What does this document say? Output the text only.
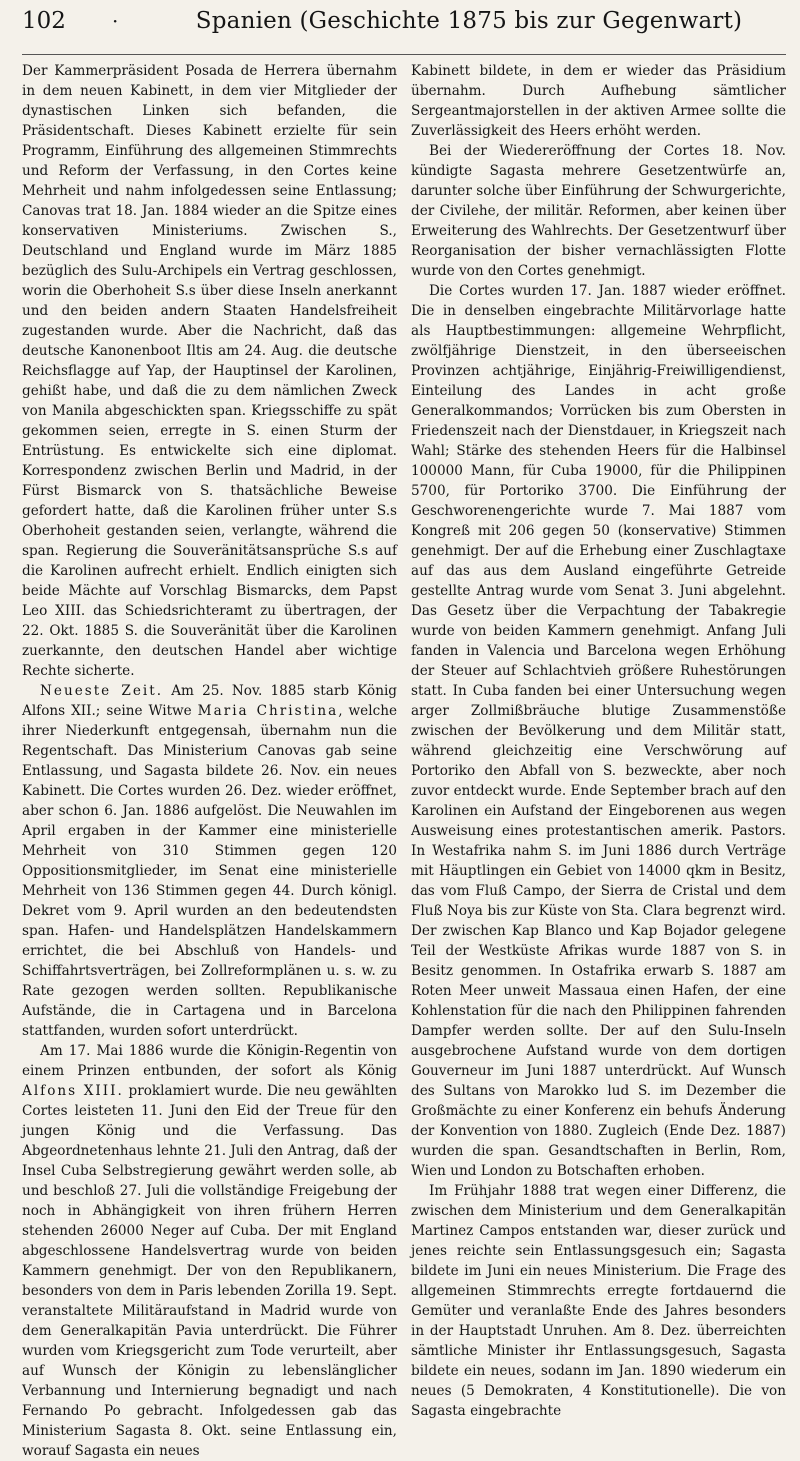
102	·	Spanien (Geschichte 1875 bis zur Gegenwart)

Der Kammerpräsident Posada de Herrera übernahm in dem neuen Kabinett, in dem vier Mitglieder der dynastischen Linken sich befanden, die Präsidentschaft. Dieses Kabinett erzielte für sein Programm, Einführung des allgemeinen Stimmrechts und Reform der Verfassung, in den Cortes keine Mehrheit und nahm infolgedessen seine Entlassung; Canovas trat 18. Jan. 1884 wieder an die Spitze eines konservativen Ministeriums. Zwischen S., Deutschland und England wurde im März 1885 bezüglich des Sulu-Archipels ein Vertrag geschlossen, worin die Oberhoheit S.s über diese Inseln anerkannt und den beiden andern Staaten Handelsfreiheit zugestanden wurde. Aber die Nachricht, daß das deutsche Kanonenboot Iltis am 24. Aug. die deutsche Reichsflagge auf Yap, der Hauptinsel der Karolinen, gehißt habe, und daß die zu dem nämlichen Zweck von Manila abgeschickten span. Kriegsschiffe zu spät gekommen seien, erregte in S. einen Sturm der Entrüstung. Es entwickelte sich eine diplomat. Korrespondenz zwischen Berlin und Madrid, in der Fürst Bismarck von S. thatsächliche Beweise gefordert hatte, daß die Karolinen früher unter S.s Oberhoheit gestanden seien, verlangte, während die span. Regierung die Souveränitätsansprüche S.s auf die Karolinen aufrecht erhielt. Endlich einigten sich beide Mächte auf Vorschlag Bismarcks, dem Papst Leo XIII. das Schiedsrichteramt zu übertragen, der 22. Okt. 1885 S. die Souveränität über die Karolinen zuerkannte, den deutschen Handel aber wichtige Rechte sicherte.

Neueste Zeit. Am 25. Nov. 1885 starb König Alfons XII.; seine Witwe Maria Christina, welche ihrer Niederkunft entgegensah, übernahm nun die Regentschaft. Das Ministerium Canovas gab seine Entlassung, und Sagasta bildete 26. Nov. ein neues Kabinett. Die Cortes wurden 26. Dez. wieder eröffnet, aber schon 6. Jan. 1886 aufgelöst. Die Neuwahlen im April ergaben in der Kammer eine ministerielle Mehrheit von 310 Stimmen gegen 120 Oppositionsmitglieder, im Senat eine ministerielle Mehrheit von 136 Stimmen gegen 44. Durch königl. Dekret vom 9. April wurden an den bedeutendsten span. Hafen- und Handelsplätzen Handelskammern errichtet, die bei Abschluß von Handels- und Schiffahrtsverträgen, bei Zollreformplänen u. s. w. zu Rate gezogen werden sollten. Republikanische Aufstände, die in Cartagena und in Barcelona stattfanden, wurden sofort unterdrückt.

Am 17. Mai 1886 wurde die Königin-Regentin von einem Prinzen entbunden, der sofort als König Alfons XIII. proklamiert wurde. Die neu gewählten Cortes leisteten 11. Juni den Eid der Treue für den jungen König und die Verfassung. Das Abgeordnetenhaus lehnte 21. Juli den Antrag, daß der Insel Cuba Selbstregierung gewährt werden solle, ab und beschloß 27. Juli die vollständige Freigebung der noch in Abhängigkeit von ihren frühern Herren stehenden 26000 Neger auf Cuba. Der mit England abgeschlossene Handelsvertrag wurde von beiden Kammern genehmigt. Der von den Republikanern, besonders von dem in Paris lebenden Zorilla 19. Sept. veranstaltete Militäraufstand in Madrid wurde von dem Generalkapitän Pavia unterdrückt. Die Führer wurden vom Kriegsgericht zum Tode verurteilt, aber auf Wunsch der Königin zu lebenslänglicher Verbannung und Internierung begnadigt und nach Fernando Po gebracht. Infolgedessen gab das Ministerium Sagasta 8. Okt. seine Entlassung ein, worauf Sagasta ein neues

Kabinett bildete, in dem er wieder das Präsidium übernahm. Durch Aufhebung sämtlicher Sergeantmajorstellen in der aktiven Armee sollte die Zuverlässigkeit des Heers erhöht werden.

Bei der Wiedereröffnung der Cortes 18. Nov. kündigte Sagasta mehrere Gesetzentwürfe an, darunter solche über Einführung der Schwurgerichte, der Civilehe, der militär. Reformen, aber keinen über Erweiterung des Wahlrechts. Der Gesetzentwurf über Reorganisation der bisher vernachlässigten Flotte wurde von den Cortes genehmigt.

Die Cortes wurden 17. Jan. 1887 wieder eröffnet. Die in denselben eingebrachte Militärvorlage hatte als Hauptbestimmungen: allgemeine Wehrpflicht, zwölfjährige Dienstzeit, in den überseeischen Provinzen achtjährige, Einjährig-Freiwilligendienst, Einteilung des Landes in acht große Generalkommandos; Vorrücken bis zum Obersten in Friedenszeit nach der Dienstdauer, in Kriegszeit nach Wahl; Stärke des stehenden Heers für die Halbinsel 100000 Mann, für Cuba 19000, für die Philippinen 5700, für Portoriko 3700. Die Einführung der Geschworenengerichte wurde 7. Mai 1887 vom Kongreß mit 206 gegen 50 (konservative) Stimmen genehmigt. Der auf die Erhebung einer Zuschlagtaxe auf das aus dem Ausland eingeführte Getreide gestellte Antrag wurde vom Senat 3. Juni abgelehnt. Das Gesetz über die Verpachtung der Tabakregie wurde von beiden Kammern genehmigt. Anfang Juli fanden in Valencia und Barcelona wegen Erhöhung der Steuer auf Schlachtvieh größere Ruhestörungen statt. In Cuba fanden bei einer Untersuchung wegen arger Zollmißbräuche blutige Zusammenstöße zwischen der Bevölkerung und dem Militär statt, während gleichzeitig eine Verschwörung auf Portoriko den Abfall von S. bezweckte, aber noch zuvor entdeckt wurde. Ende September brach auf den Karolinen ein Aufstand der Eingeborenen aus wegen Ausweisung eines protestantischen amerik. Pastors. In Westafrika nahm S. im Juni 1886 durch Verträge mit Häuptlingen ein Gebiet von 14000 qkm in Besitz, das vom Fluß Campo, der Sierra de Cristal und dem Fluß Noya bis zur Küste von Sta. Clara begrenzt wird. Der zwischen Kap Blanco und Kap Bojador gelegene Teil der Westküste Afrikas wurde 1887 von S. in Besitz genommen. In Ostafrika erwarb S. 1887 am Roten Meer unweit Massaua einen Hafen, der eine Kohlenstation für die nach den Philippinen fahrenden Dampfer werden sollte. Der auf den Sulu-Inseln ausgebrochene Aufstand wurde von dem dortigen Gouverneur im Juni 1887 unterdrückt. Auf Wunsch des Sultans von Marokko lud S. im Dezember die Großmächte zu einer Konferenz ein behufs Änderung der Konvention von 1880. Zugleich (Ende Dez. 1887) wurden die span. Gesandtschaften in Berlin, Rom, Wien und London zu Botschaften erhoben.

Im Frühjahr 1888 trat wegen einer Differenz, die zwischen dem Ministerium und dem Generalkapitän Martinez Campos entstanden war, dieser zurück und jenes reichte sein Entlassungsgesuch ein; Sagasta bildete im Juni ein neues Ministerium. Die Frage des allgemeinen Stimmrechts erregte fortdauernd die Gemüter und veranlaßte Ende des Jahres besonders in der Hauptstadt Unruhen. Am 8. Dez. überreichten sämtliche Minister ihr Entlassungsgesuch, Sagasta bildete ein neues, sodann im Jan. 1890 wiederum ein neues (5 Demokraten, 4 Konstitutionelle). Die von Sagasta eingebrachte
